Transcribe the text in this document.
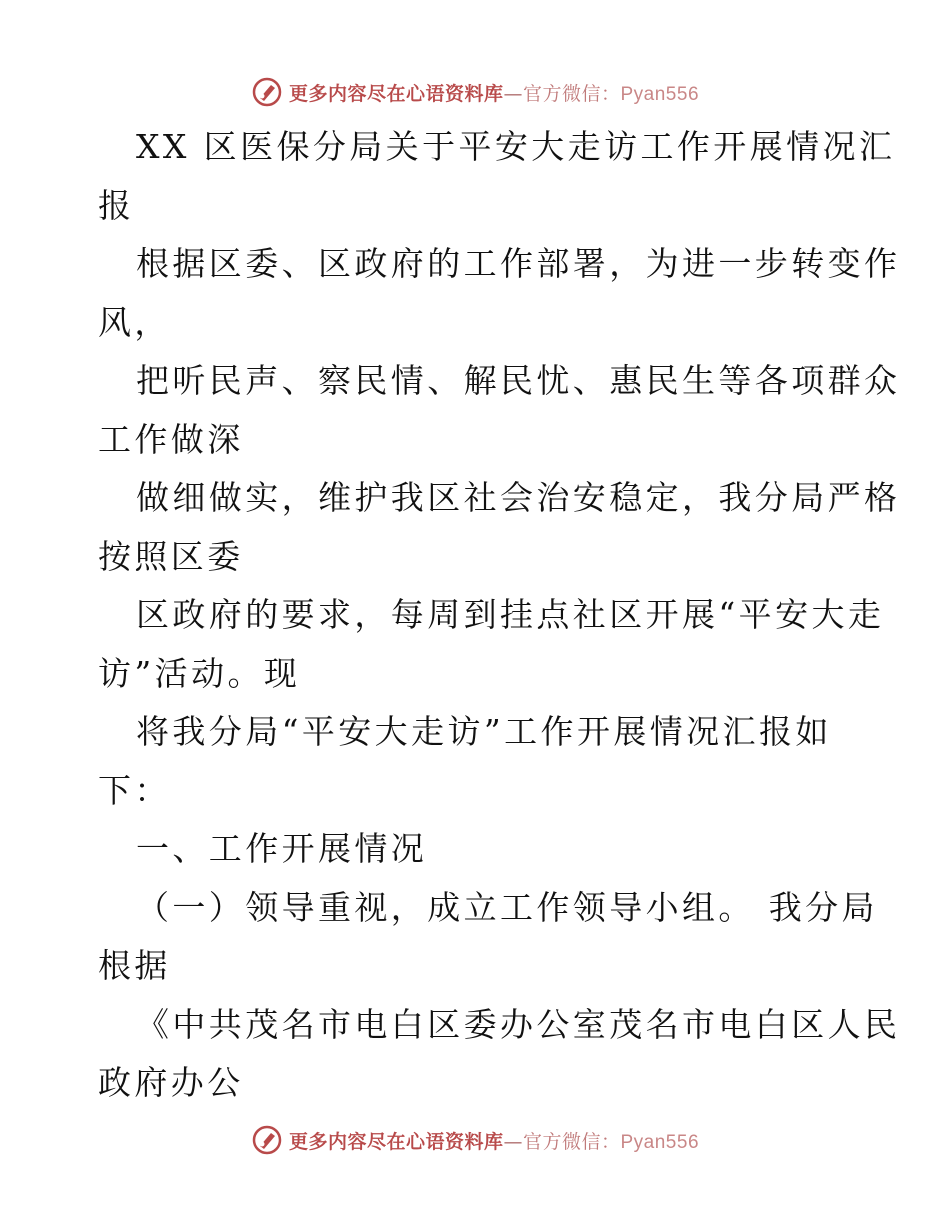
更多内容尽在心语资料库—官方微信：Pyan556
XX 区医保分局关于平安大走访工作开展情况汇
报
根据区委、区政府的工作部署，为进一步转变作
风，
把听民声、察民情、解民忧、惠民生等各项群众
工作做深
做细做实，维护我区社会治安稳定，我分局严格
按照区委
区政府的要求，每周到挂点社区开展“平安大走
访”活动。现
将我分局“平安大走访”工作开展情况汇报如
下：
一、工作开展情况
（一）领导重视，成立工作领导小组。 我分局
根据
《中共茂名市电白区委办公室茂名市电白区人民
政府办公
更多内容尽在心语资料库—官方微信：Pyan556
